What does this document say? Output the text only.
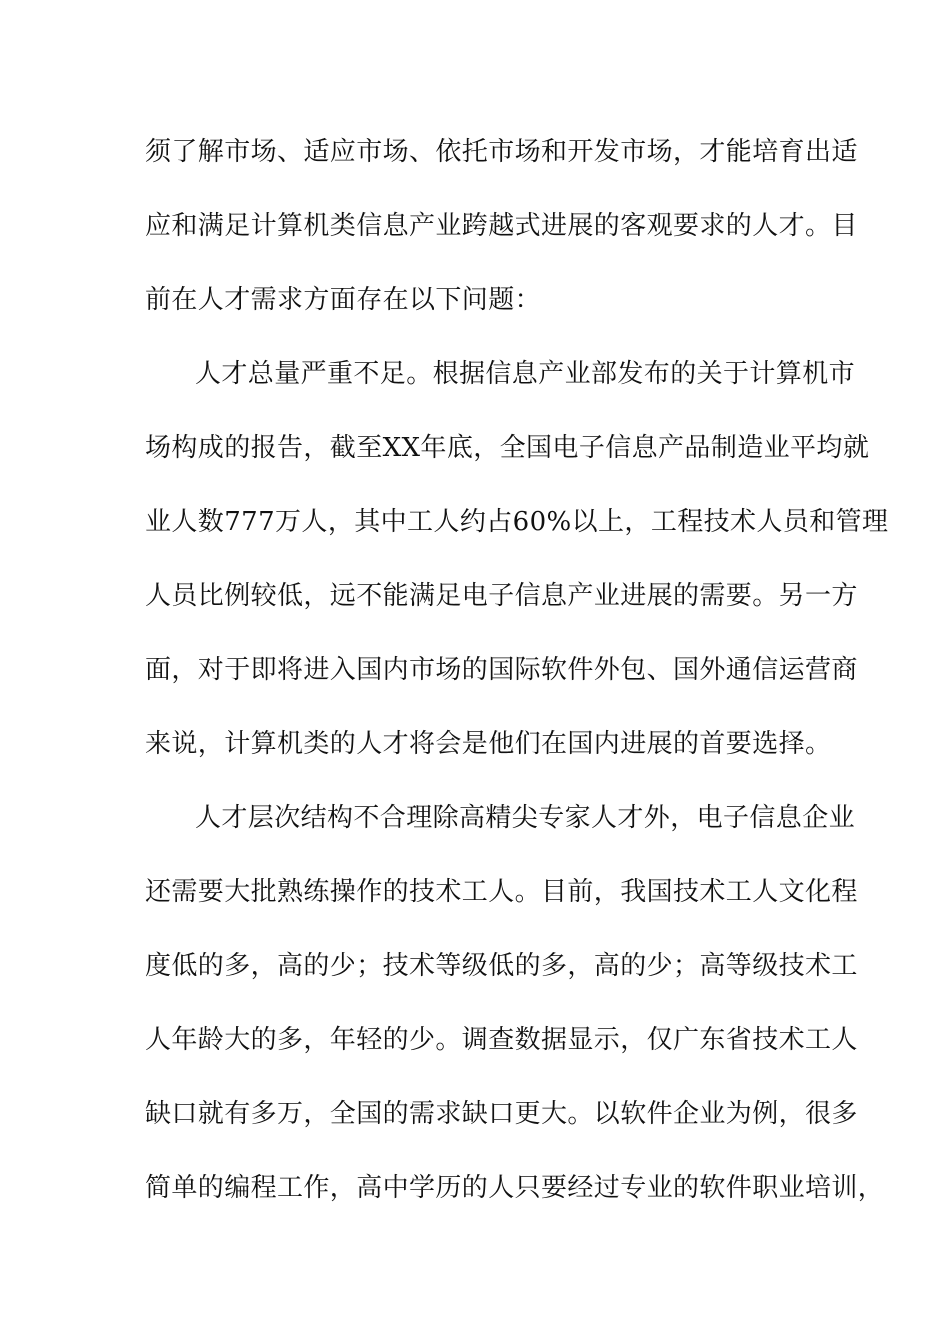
须了解市场、适应市场、依托市场和开发市场，才能培育出适
应和满足计算机类信息产业跨越式进展的客观要求的人才。目
前在人才需求方面存在以下问题：
人才总量严重不足。根据信息产业部发布的关于计算机市
场构成的报告，截至XX年底，全国电子信息产品制造业平均就
业人数777万人，其中工人约占60%以上，工程技术人员和管理
人员比例较低，远不能满足电子信息产业进展的需要。另一方
面，对于即将进入国内市场的国际软件外包、国外通信运营商
来说，计算机类的人才将会是他们在国内进展的首要选择。
人才层次结构不合理除高精尖专家人才外，电子信息企业
还需要大批熟练操作的技术工人。目前，我国技术工人文化程
度低的多，高的少；技术等级低的多，高的少；高等级技术工
人年龄大的多，年轻的少。调查数据显示，仅广东省技术工人
缺口就有多万，全国的需求缺口更大。以软件企业为例，很多
简单的编程工作，高中学历的人只要经过专业的软件职业培训，
